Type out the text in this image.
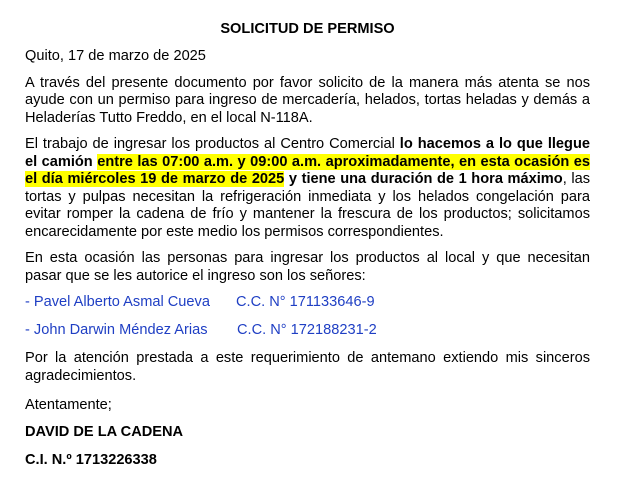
SOLICITUD DE PERMISO

Quito, 17 de marzo de 2025

A través del presente documento por favor solicito de la manera más atenta se nos ayude con un permiso para ingreso de mercadería, helados, tortas heladas y demás a Heladerías Tutto Freddo, en el local N-118A.

El trabajo de ingresar los productos al Centro Comercial lo hacemos a lo que llegue el camión entre las 07:00 a.m. y 09:00 a.m. aproximadamente, en esta ocasión es el día miércoles 19 de marzo de 2025 y tiene una duración de 1 hora máximo, las tortas y pulpas necesitan la refrigeración inmediata y los helados congelación para evitar romper la cadena de frío y mantener la frescura de los productos; solicitamos encarecidamente por este medio los permisos correspondientes.

En esta ocasión las personas para ingresar los productos al local y que necesitan pasar que se les autorice el ingreso son los señores:

- Pavel Alberto Asmal Cueva C.C. N° 171133646-9
- John Darwin Méndez Arias C.C. N° 172188231-2

Por la atención prestada a este requerimiento de antemano extiendo mis sinceros agradecimientos.

Atentamente;
DAVID DE LA CADENA
C.I. N.º 1713226338
